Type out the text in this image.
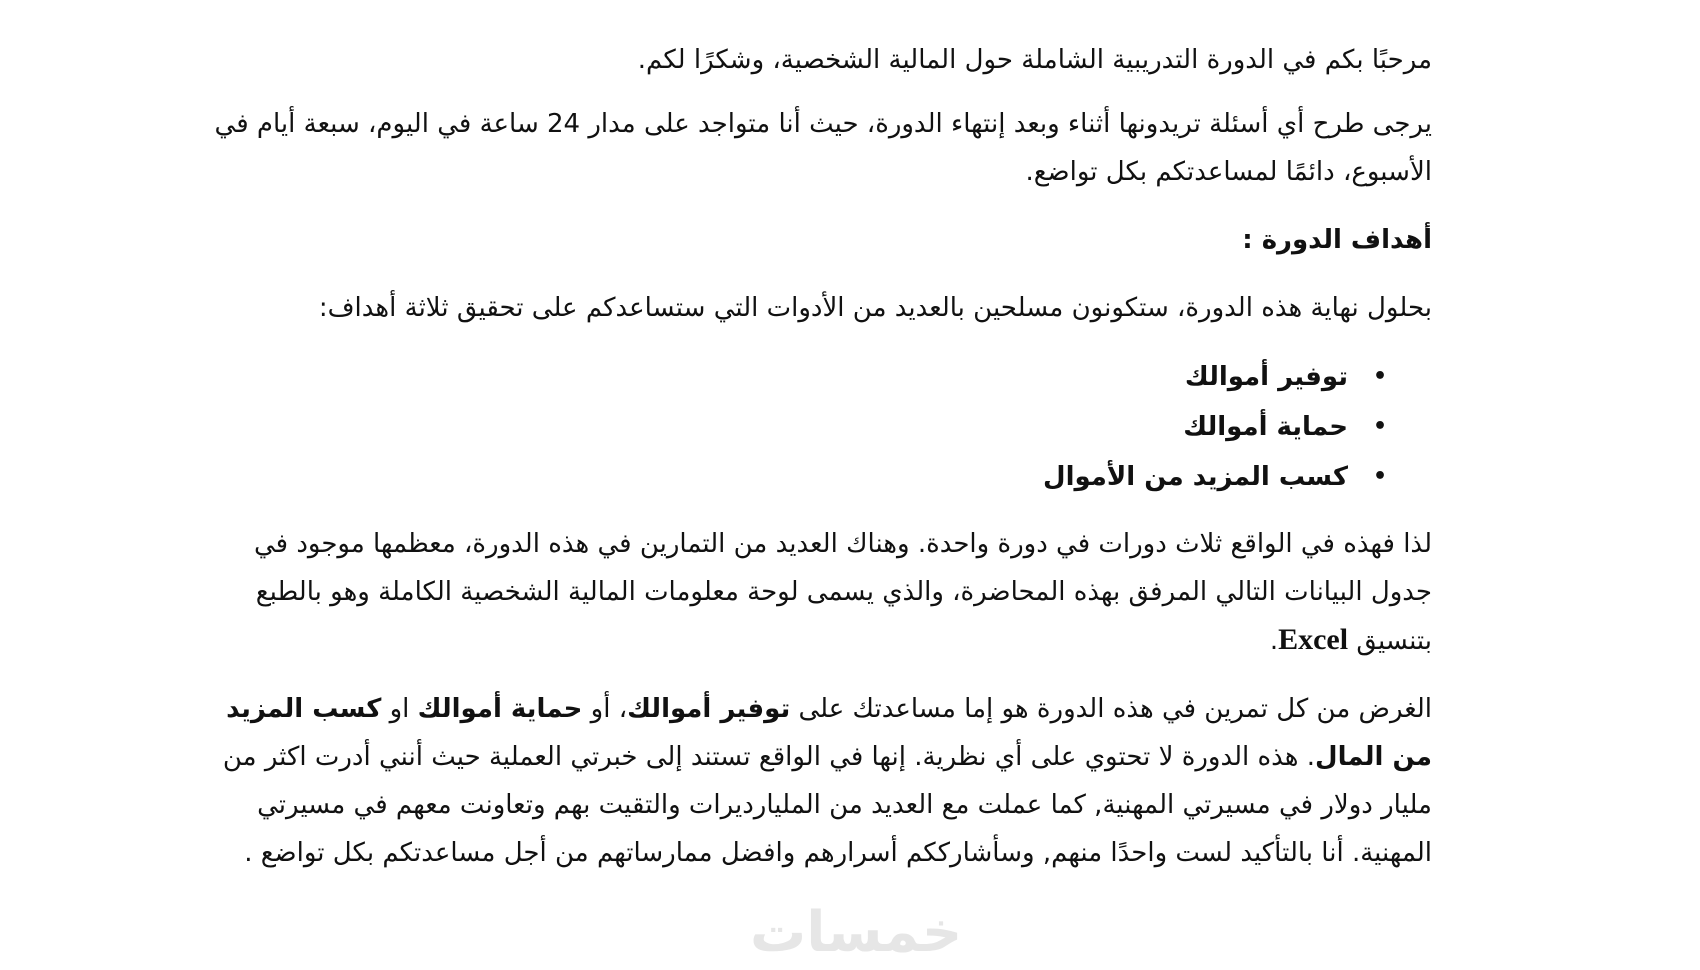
مرحبًا بكم في الدورة التدريبية الشاملة حول المالية الشخصية، وشكرًا لكم.

يرجى طرح أي أسئلة تريدونها أثناء وبعد إنتهاء الدورة، حيث أنا متواجد على مدار 24 ساعة في اليوم، سبعة أيام في الأسبوع، دائمًا لمساعدتكم بكل تواضع.

أهداف الدورة :

بحلول نهاية هذه الدورة، ستكونون مسلحين بالعديد من الأدوات التي ستساعدكم على تحقيق ثلاثة أهداف:

•
توفير أموالك
•
حماية أموالك
•
كسب المزيد من الأموال

لذا فهذه في الواقع ثلاث دورات في دورة واحدة. وهناك العديد من التمارين في هذه الدورة، معظمها موجود في جدول البيانات التالي المرفق بهذه المحاضرة، والذي يسمى لوحة معلومات المالية الشخصية الكاملة وهو بالطبع بتنسيق Excel.

الغرض من كل تمرين في هذه الدورة هو إما مساعدتك على توفير أموالك، أو حماية أموالك او كسب المزيد من المال. هذه الدورة لا تحتوي على أي نظرية. إنها في الواقع تستند إلى خبرتي العملية حيث أنني أدرت اكثر من مليار دولار في مسيرتي المهنية, كما عملت مع العديد من المليارديرات والتقيت بهم وتعاونت معهم في مسيرتي المهنية. أنا بالتأكيد لست واحدًا منهم, وسأشارككم أسرارهم وافضل ممارساتهم من أجل مساعدتكم بكل تواضع .

خمسات
